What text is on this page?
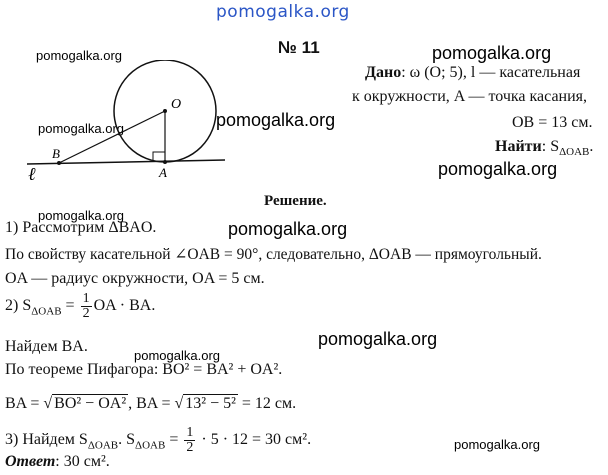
pomogalka.org
pomogalka.org	pomogalka.org
pomogalka.org	pomogalka.org
pomogalka.org
pomogalka.org
pomogalka.org
pomogalka.org
pomogalka.org
pomogalka.org
№ 11
O
B
A
ℓ
Дано: ω (O; 5), l — касательная
к окружности, A — точка касания,
OB = 13 см.
Найти: $S_{\Delta OAB}$.
Решение.
1) Рассмотрим ΔBAO.
По свойству касательной ∠OAB = 90°, следовательно, ΔOAB — прямоугольный.
OA — радиус окружности, OA = 5 см.
2) $S_{\Delta OAB} = \frac{1}{2}$ OA · BA.
Найдем BA.
По теореме Пифагора: BO² = BA² + OA².
BA = √ BO² − OA² , BA = √ 13² − 5² = 12 см.
3) Найдем $S_{\Delta OAB}$. $S_{\Delta OAB} = \frac{1}{2} \cdot 5 \cdot 12 = 30$ см².
Ответ: 30 см².
